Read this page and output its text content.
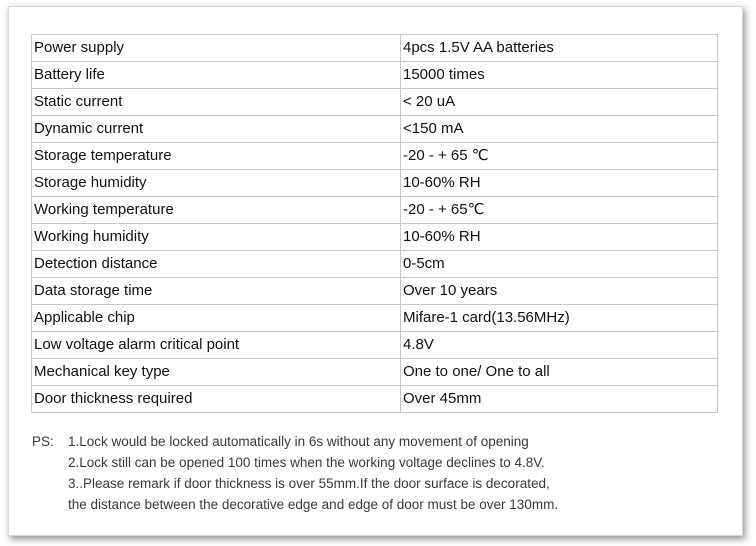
Power supply	4pcs 1.5V AA batteries
Battery life	15000 times
Static current	< 20 uA
Dynamic current	<150 mA
Storage temperature	-20 - + 65 ℃
Storage humidity	10-60% RH
Working temperature	-20 - + 65℃
Working humidity	10-60% RH
Detection distance	0-5cm
Data storage time	Over 10 years
Applicable chip	Mifare-1 card(13.56MHz)
Low voltage alarm critical point	4.8V
Mechanical key type	One to one/ One to all
Door thickness required	Over 45mm
PS: 1.Lock would be locked automatically in 6s without any movement of opening
2.Lock still can be opened 100 times when the working voltage declines to 4.8V.
3..Please remark if door thickness is over 55mm.If the door surface is decorated,
the distance between the decorative edge and edge of door must be over 130mm.
